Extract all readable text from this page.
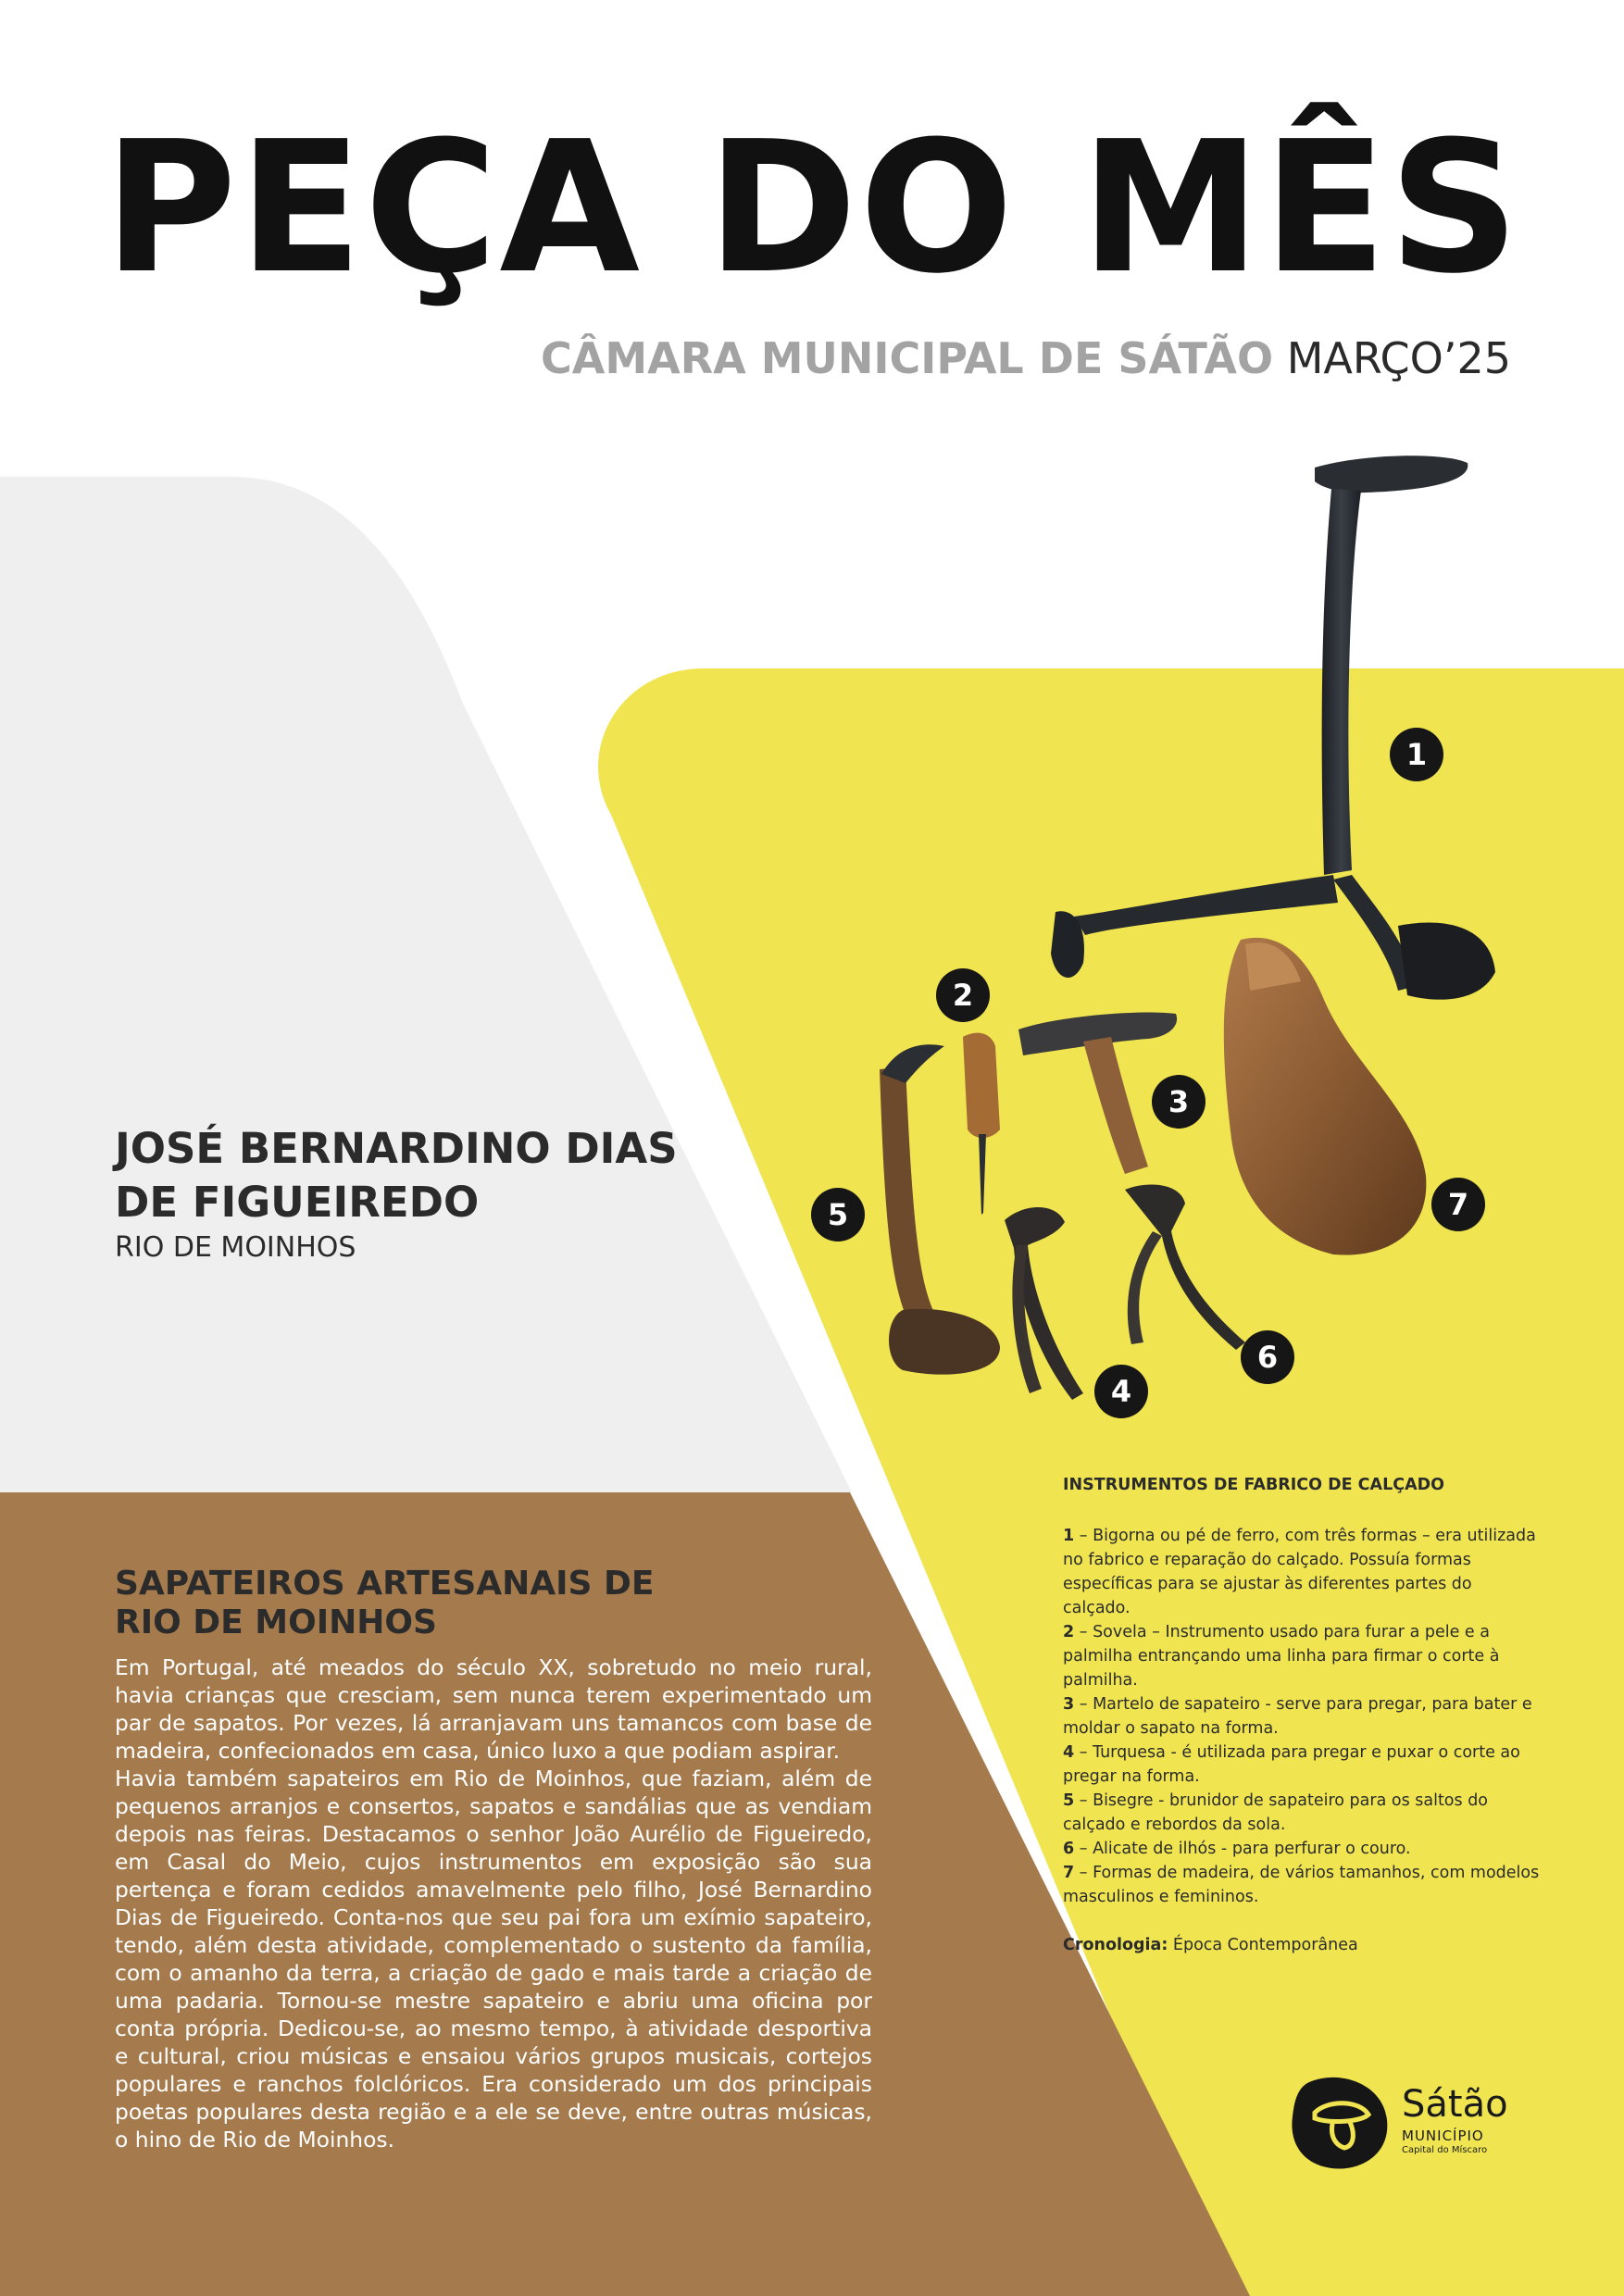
PEÇA DO MÊS
CÂMARA MUNICIPAL DE SÁTÃO MARÇO’25
1
2
3
4
5
6
7
JOSÉ BERNARDINO DIAS DE FIGUEIREDO
RIO DE MOINHOS
SAPATEIROS ARTESANAIS DE RIO DE MOINHOS

Em Portugal, até meados do século XX, sobretudo no meio rural, havia crianças que cresciam, sem nunca terem experimentado um par de sapatos. Por vezes, lá arranjavam uns tamancos com base de madeira, confecionados em casa, único luxo a que podiam aspirar.
Havia também sapateiros em Rio de Moinhos, que faziam, além de pequenos arranjos e consertos, sapatos e sandálias que as vendiam depois nas feiras. Destacamos o senhor João Aurélio de Figueiredo, em Casal do Meio, cujos instrumentos em exposição são sua pertença e foram cedidos amavelmente pelo filho, José Bernardino Dias de Figueiredo. Conta-nos que seu pai fora um exímio sapateiro, tendo, além desta atividade, complementado o sustento da família, com o amanho da terra, a criação de gado e mais tarde a criação de uma padaria. Tornou-se mestre sapateiro e abriu uma oficina por conta própria. Dedicou-se, ao mesmo tempo, à atividade desportiva e cultural, criou músicas e ensaiou vários grupos musicais, cortejos populares e ranchos folclóricos. Era considerado um dos principais poetas populares desta região e a ele se deve, entre outras músicas, o hino de Rio de Moinhos.

INSTRUMENTOS DE FABRICO DE CALÇADO
1 – Bigorna ou pé de ferro, com três formas – era utilizada no fabrico e reparação do calçado. Possuía formas específicas para se ajustar às diferentes partes do calçado.
2 – Sovela – Instrumento usado para furar a pele e a palmilha entrançando uma linha para firmar o corte à palmilha.
3 – Martelo de sapateiro - serve para pregar, para bater e moldar o sapato na forma.
4 – Turquesa - é utilizada para pregar e puxar o corte ao pregar na forma.
5 – Bisegre - brunidor de sapateiro para os saltos do calçado e rebordos da sola.
6 – Alicate de ilhós - para perfurar o couro.
7 – Formas de madeira, de vários tamanhos, com modelos masculinos e femininos.
Cronologia: Época Contemporânea
Sátão
MUNICÍPIO
Capital do Míscaro
